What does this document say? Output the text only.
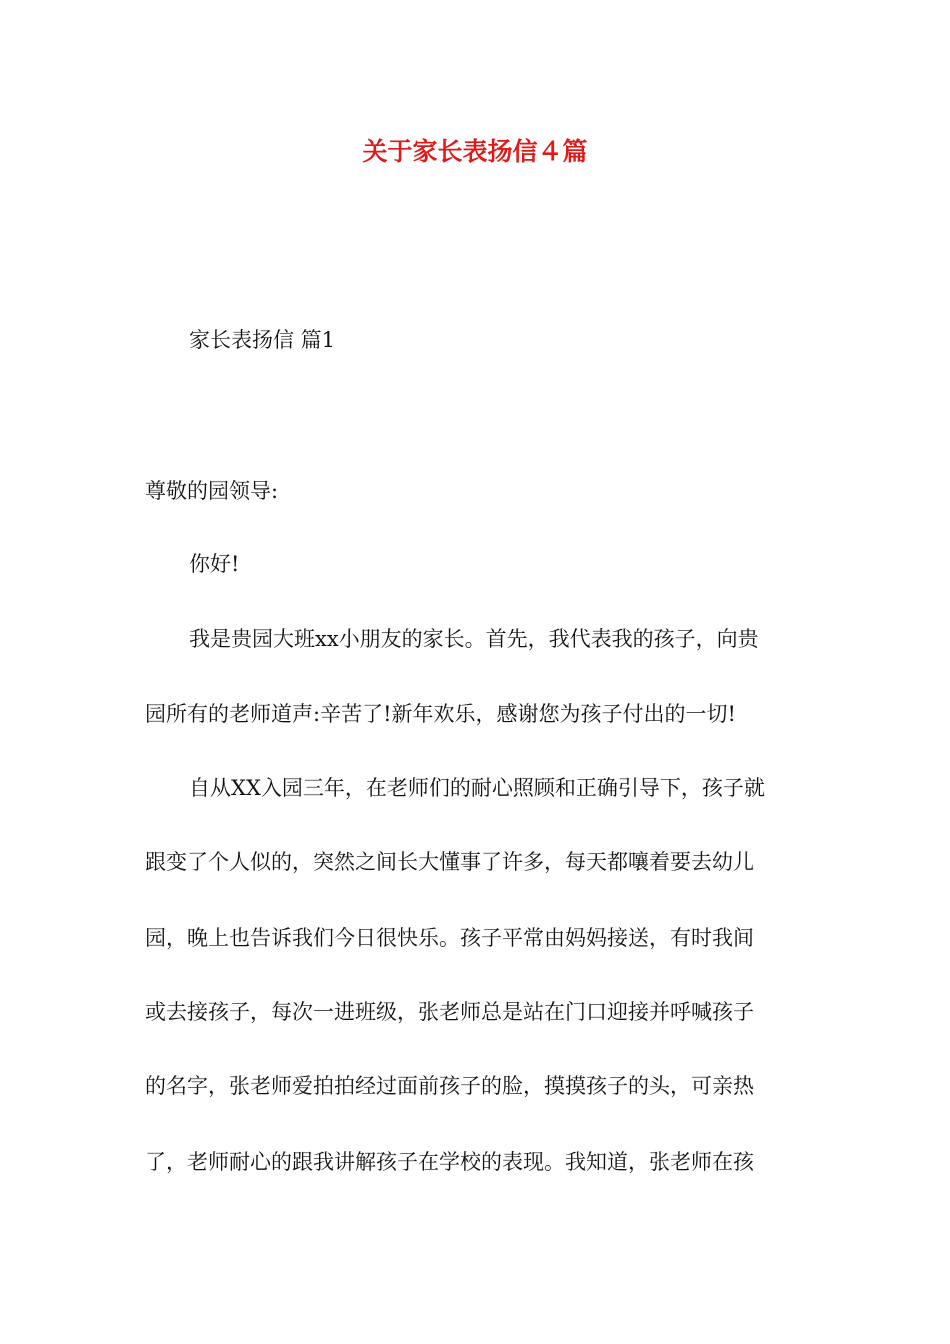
关于家长表扬信４篇
家长表扬信 篇1
尊敬的园领导:
你好!
我是贵园大班xx小朋友的家长。首先，我代表我的孩子，向贵
园所有的老师道声:辛苦了!新年欢乐，感谢您为孩子付出的一切!
自从XX入园三年，在老师们的耐心照顾和正确引导下，孩子就
跟变了个人似的，突然之间长大懂事了许多，每天都嚷着要去幼儿
园，晚上也告诉我们今日很快乐。孩子平常由妈妈接送，有时我间
或去接孩子，每次一进班级，张老师总是站在门口迎接并呼喊孩子
的名字，张老师爱拍拍经过面前孩子的脸，摸摸孩子的头，可亲热
了，老师耐心的跟我讲解孩子在学校的表现。我知道，张老师在孩
